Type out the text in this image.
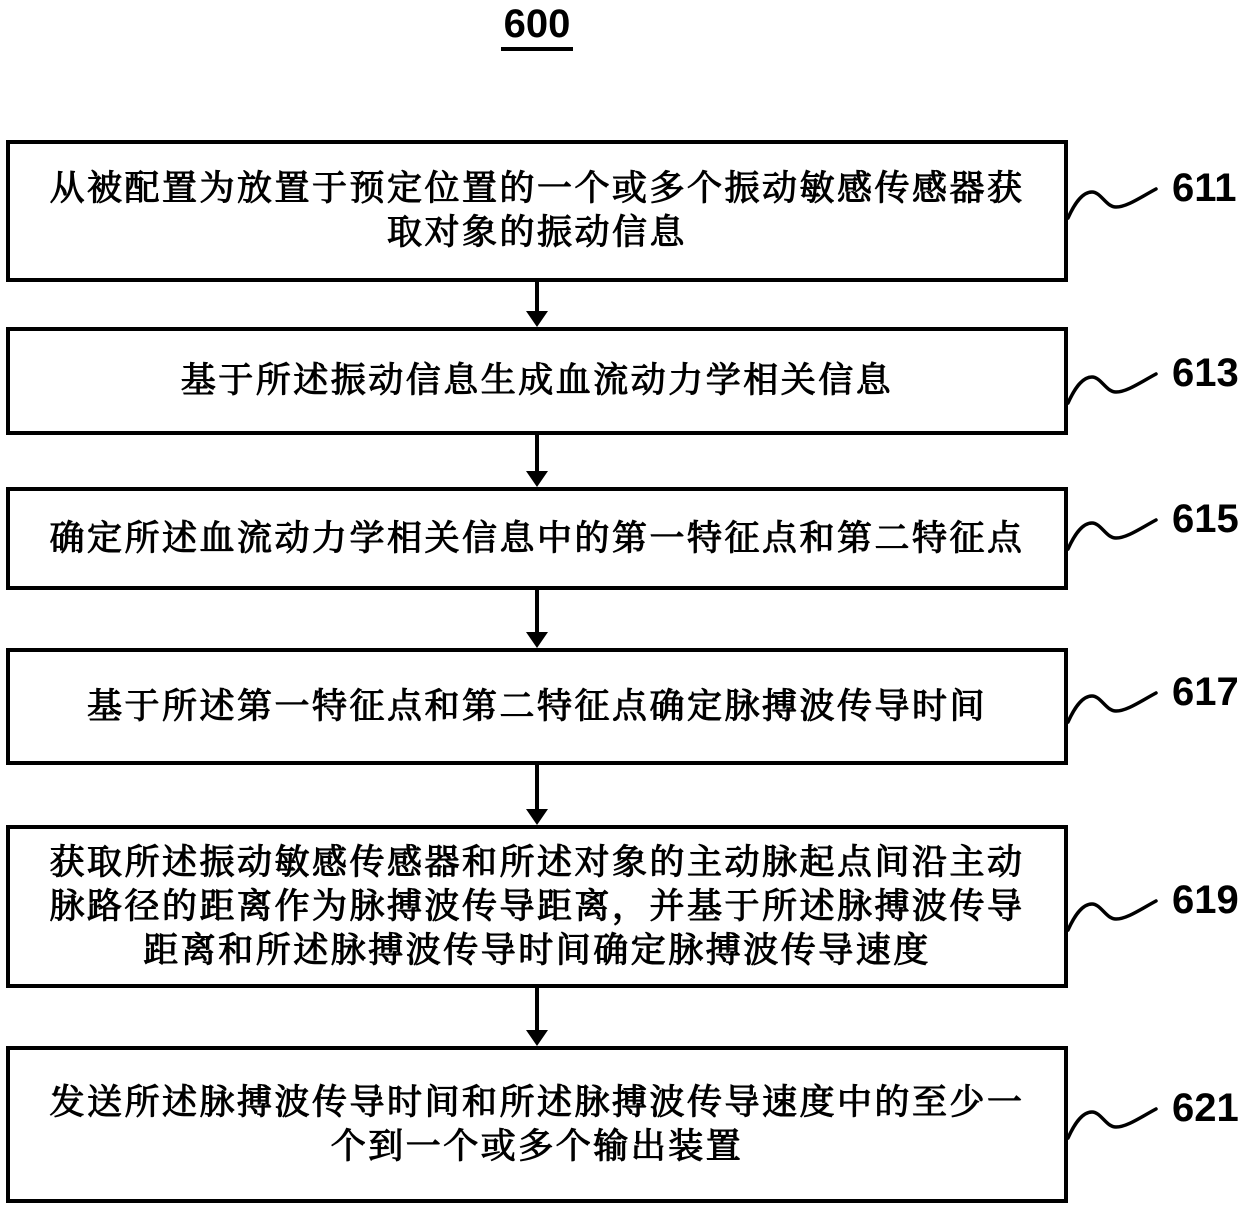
600
从被配置为放置于预定位置的一个或多个振动敏感传感器获
取对象的振动信息
611
基于所述振动信息生成血流动力学相关信息	613
确定所述血流动力学相关信息中的第一特征点和第二特征点	615
基于所述第一特征点和第二特征点确定脉搏波传导时间	617
获取所述振动敏感传感器和所述对象的主动脉起点间沿主动
脉路径的距离作为脉搏波传导距离，并基于所述脉搏波传导
距离和所述脉搏波传导时间确定脉搏波传导速度
619
发送所述脉搏波传导时间和所述脉搏波传导速度中的至少一
个到一个或多个输出装置
621
